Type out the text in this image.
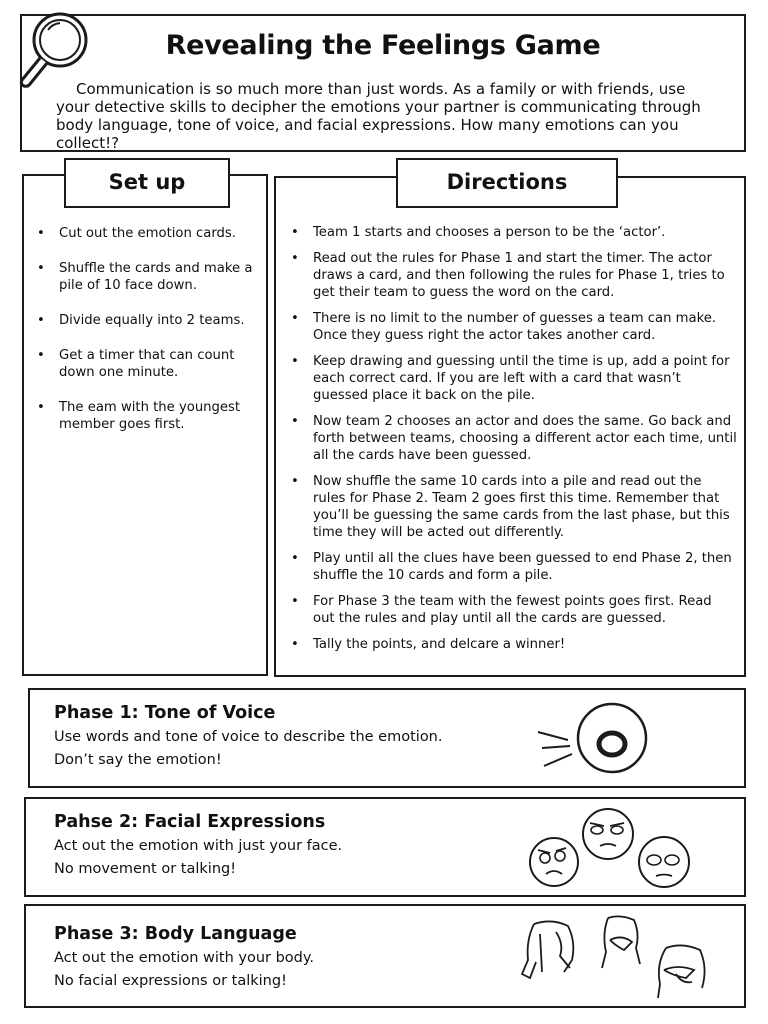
Revealing the Feelings Game
Communication is so much more than just words. As a family or with friends, use your detective skills to decipher the emotions your partner is communicating through body language, tone of voice, and facial expressions. How many emotions can you collect!?
Set up
• Cut out the emotion cards.
• Shuffle the cards and make a pile of 10 face down.
• Divide equally into 2 teams.
• Get a timer that can count down one minute.
• The eam with the youngest member goes first.
Directions
• Team 1 starts and chooses a person to be the ‘actor’.
• Read out the rules for Phase 1 and start the timer. The actor draws a card, and then following the rules for Phase 1, tries to get their team to guess the word on the card.
• There is no limit to the number of guesses a team can make. Once they guess right the actor takes another card.
• Keep drawing and guessing until the time is up, add a point for each correct card. If you are left with a card that wasn’t guessed place it back on the pile.
• Now team 2 chooses an actor and does the same. Go back and forth between teams, choosing a different actor each time, until all the cards have been guessed.
• Now shuffle the same 10 cards into a pile and read out the rules for Phase 2. Team 2 goes first this time. Remember that you’ll be guessing the same cards from the last phase, but this time they will be acted out differently.
• Play until all the clues have been guessed to end Phase 2, then shuffle the 10 cards and form a pile.
• For Phase 3 the team with the fewest points goes first. Read out the rules and play until all the cards are guessed.
• Tally the points, and delcare a winner!
Phase 1: Tone of Voice
Use words and tone of voice to describe the emotion.
Don’t say the emotion!
Pahse 2: Facial Expressions
Act out the emotion with just your face.
No movement or talking!
Phase 3: Body Language
Act out the emotion with your body.
No facial expressions or talking!
